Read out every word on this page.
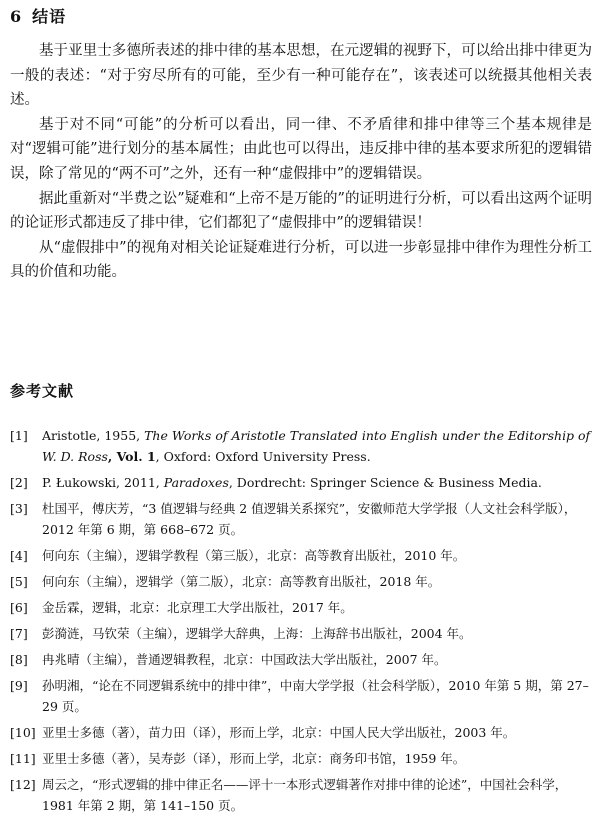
6 结语

基于亚里士多德所表述的排中律的基本思想，在元逻辑的视野下，可以给出排中律更为一般的表述：“对于穷尽所有的可能，至少有一种可能存在”，该表述可以统摄其他相关表述。

基于对不同“可能”的分析可以看出，同一律、不矛盾律和排中律等三个基本规律是对“逻辑可能”进行划分的基本属性；由此也可以得出，违反排中律的基本要求所犯的逻辑错误，除了常见的“两不可”之外，还有一种“虚假排中”的逻辑错误。

据此重新对“半费之讼”疑难和“上帝不是万能的”的证明进行分析，可以看出这两个证明的论证形式都违反了排中律，它们都犯了“虚假排中”的逻辑错误！

从“虚假排中”的视角对相关论证疑难进行分析，可以进一步彰显排中律作为理性分析工具的价值和功能。

参考文献
[1]	Aristotle, 1955, The Works of Aristotle Translated into English under the Editorship of W. D. Ross, Vol. 1, Oxford: Oxford University Press.
[2]	P. Łukowski, 2011, Paradoxes, Dordrecht: Springer Science & Business Media.
[3]	杜国平，傅庆芳，“3 值逻辑与经典 2 值逻辑关系探究”，安徽师范大学学报（人文社会科学版），2012 年第 6 期，第 668–672 页。
[4]	何向东（主编），逻辑学教程（第三版），北京：高等教育出版社，2010 年。
[5]	何向东（主编），逻辑学（第二版），北京：高等教育出版社，2018 年。
[6]	金岳霖，逻辑，北京：北京理工大学出版社，2017 年。
[7]	彭漪涟，马钦荣（主编），逻辑学大辞典，上海：上海辞书出版社，2004 年。
[8]	冉兆晴（主编），普通逻辑教程，北京：中国政法大学出版社，2007 年。
[9]	孙明湘，“论在不同逻辑系统中的排中律”，中南大学学报（社会科学版），2010 年第 5 期，第 27–29 页。
[10] 亚里士多德（著），苗力田（译），形而上学，北京：中国人民大学出版社，2003 年。
[11] 亚里士多德（著），吴寿彭（译），形而上学，北京：商务印书馆，1959 年。
[12] 周云之，“形式逻辑的排中律正名——评十一本形式逻辑著作对排中律的论述”，中国社会科学，1981 年第 2 期，第 141–150 页。
